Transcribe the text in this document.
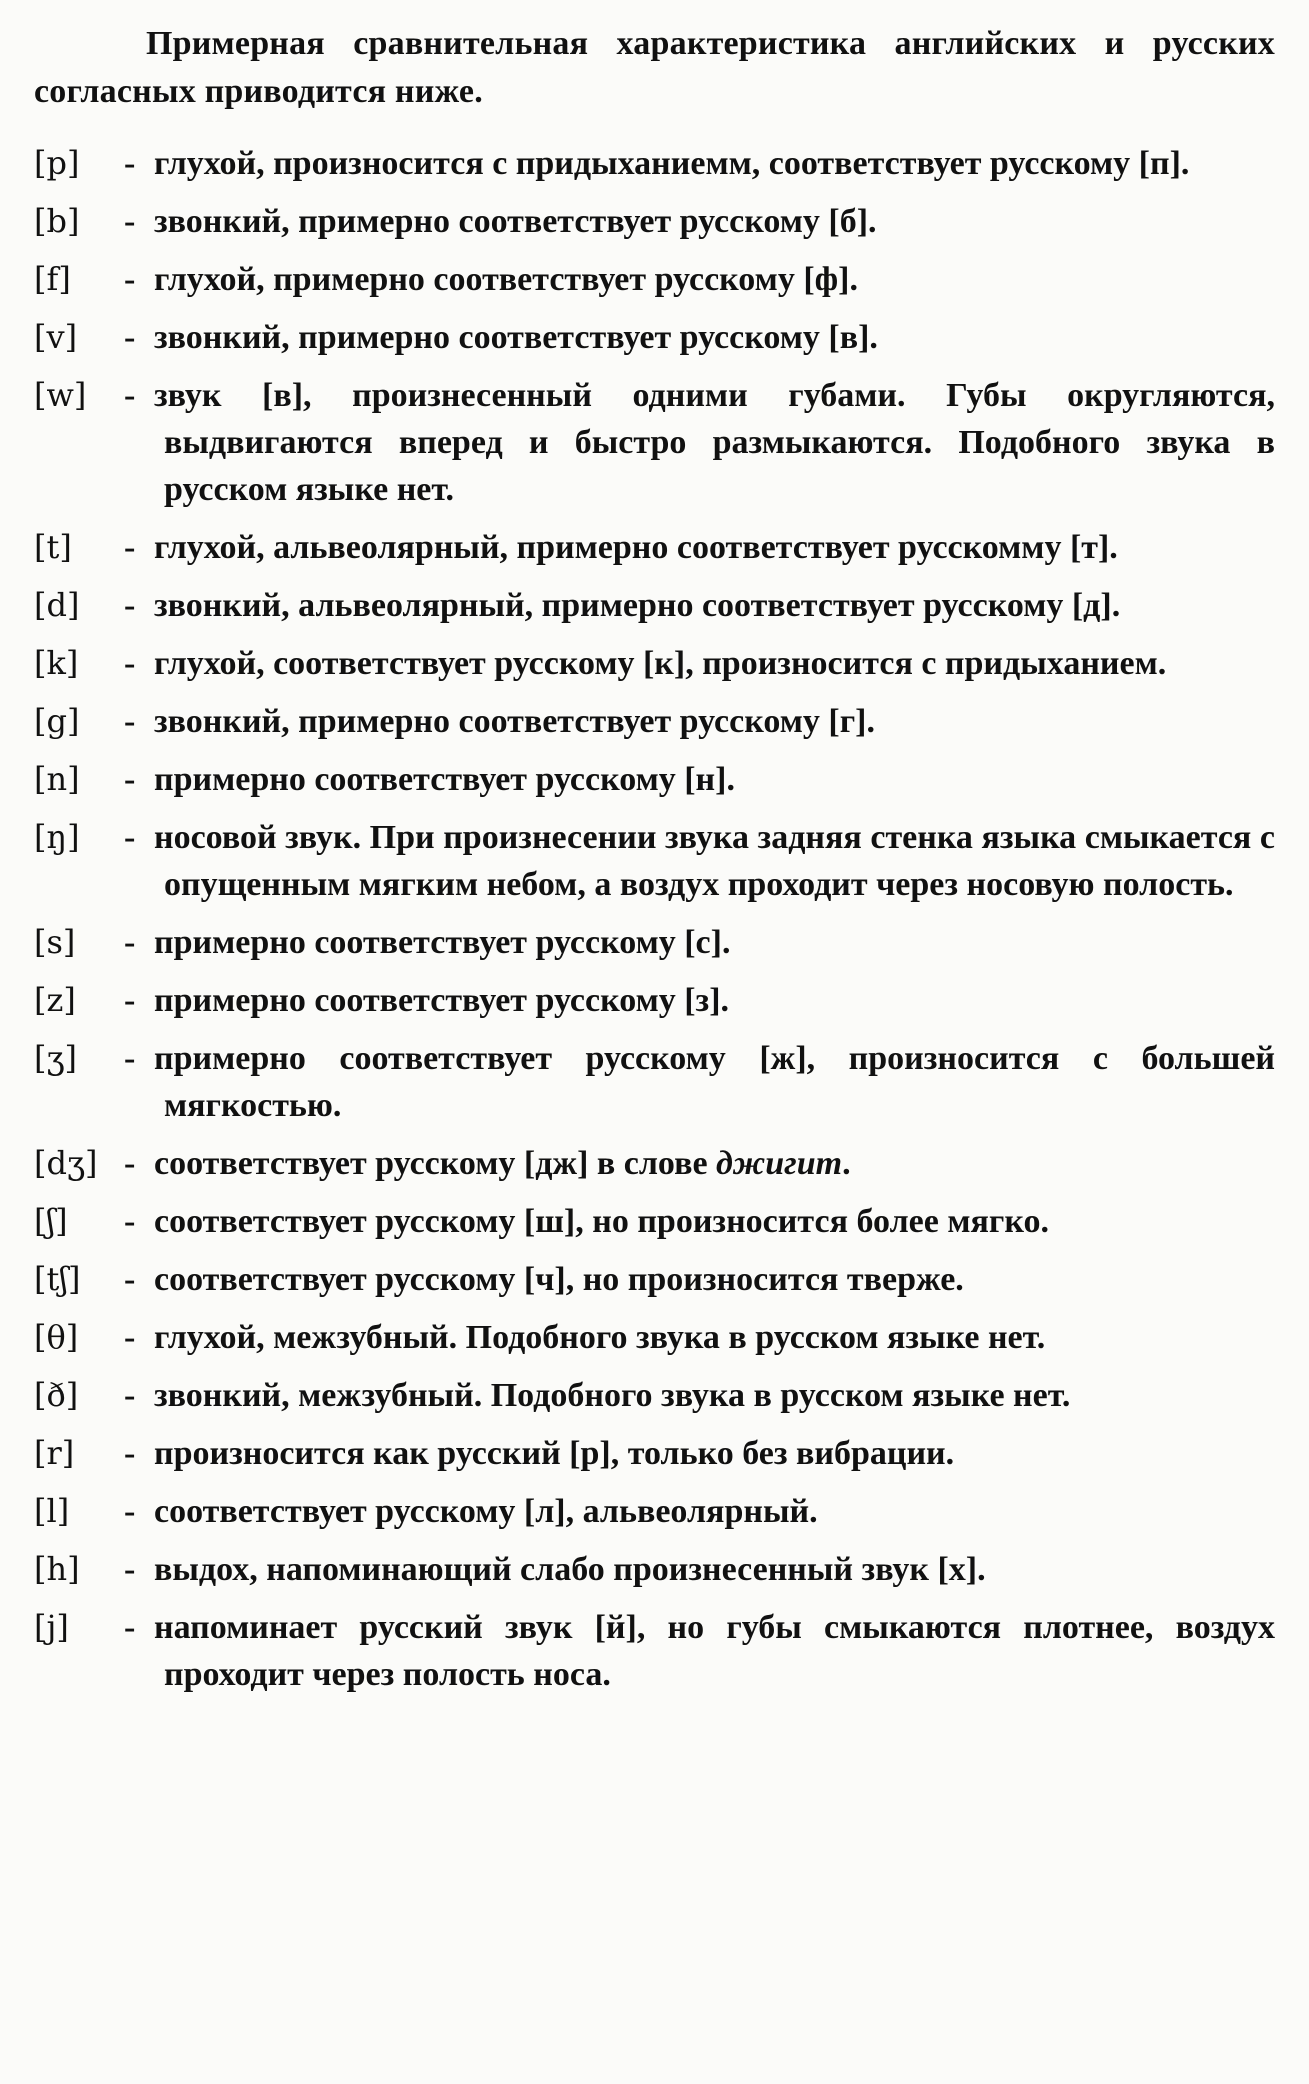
Примерная сравнительная характеристика английских и русских согласных приводится ниже.

[p]	- глухой, произносится с придыханиемм, соответствует русскому [п].
[b]	- звонкий, примерно соответствует русскому [б].
[f]	- глухой, примерно соответствует русскому [ф].
[v]	- звонкий, примерно соответствует русскому [в].
[w]	- звук [в], произнесенный одними губами. Губы округляются, выдвигаются вперед и быстро размыкаются. Подобного звука в русском языке нет.
[t]	- глухой, альвеолярный, примерно соответствует русскомму [т].
[d]	- звонкий, альвеолярный, примерно соответствует русскому [д].
[k]	- глухой, соответствует русскому [к], произносится с придыханием.
[g]	- звонкий, примерно соответствует русскому [г].
[n]	- примерно соответствует русскому [н].
[ŋ]	- носовой звук. При произнесении звука задняя стенка языка смыкается с опущенным мягким небом, а воздух проходит через носовую полость.
[s]	- примерно соответствует русскому [с].
[z]	- примерно соответствует русскому [з].
[ʒ]	- примерно соответствует русскому [ж], произносится с большей мягкостью.
[dʒ] - соответствует русскому [дж] в слове джигит.
[ʃ]	- соответствует русскому [ш], но произносится более мягко.
[tʃ]	- соответствует русскому [ч], но произносится тверже.
[θ]	- глухой, межзубный. Подобного звука в русском языке нет.
[ð]	- звонкий, межзубный. Подобного звука в русском языке нет.
[r]	- произносится как русский [р], только без вибрации.
[l]	- соответствует русскому [л], альвеолярный.
[h]	- выдох, напоминающий слабо произнесенный звук [х].
[j]	- напоминает русский звук [й], но губы смыкаются плотнее, воздух проходит через полость носа.
